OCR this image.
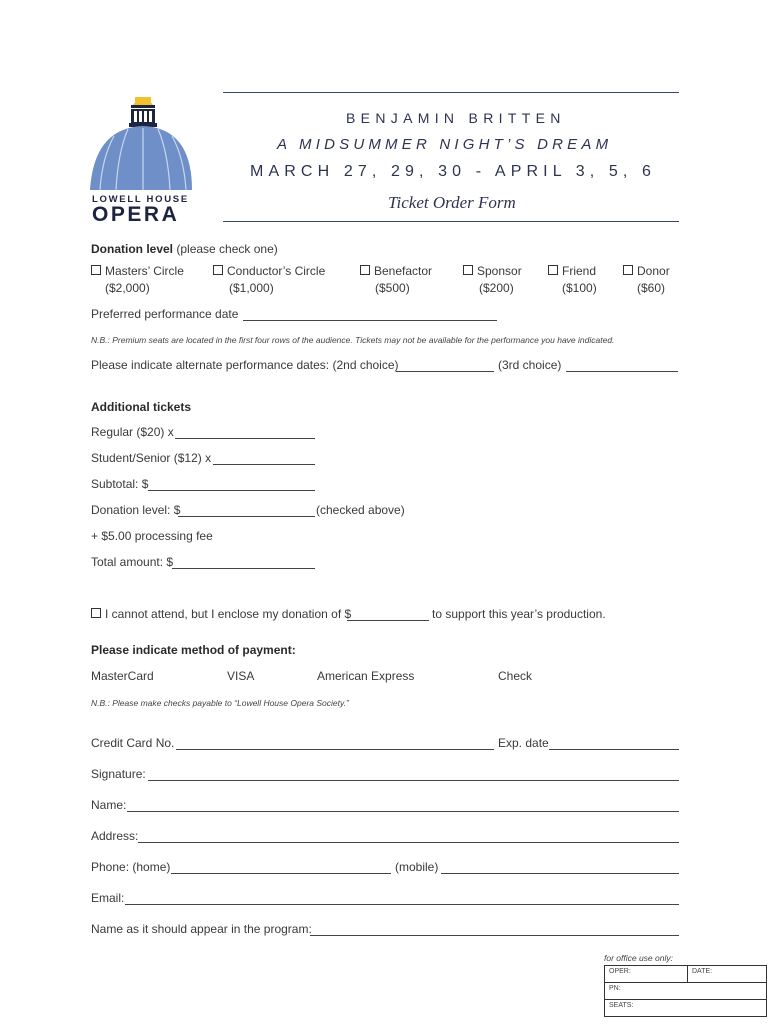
LOWELL HOUSE
OPERA
BENJAMIN BRITTEN
A MIDSUMMER NIGHT’S DREAM
MARCH 27, 29, 30 - APRIL 3, 5, 6
Ticket Order Form
Donation level (please check one)
Masters’ Circle
($2,000)
Conductor’s Circle
($1,000)
Benefactor
($500)
Sponsor
($200)
Friend
($100)
Donor
($60)
Preferred performance date
N.B.: Premium seats are located in the first four rows of the audience. Tickets may not be available for the performance you have indicated.
Please indicate alternate performance dates: (2nd choice)	(3rd choice)
Additional tickets
Regular ($20) x
Student/Senior ($12) x
Subtotal: $
Donation level: $	(checked above)
+ $5.00 processing fee
Total amount: $
I cannot attend, but I enclose my donation of $	to support this year’s production.
Please indicate method of payment:
MasterCard	VISA	American Express	Check
N.B.: Please make checks payable to “Lowell House Opera Society.”
Credit Card No.	Exp. date
Signature:
Name:
Address:
Phone: (home)	(mobile)
Email:
Name as it should appear in the program:
for office use only:
OPER:	DATE:
PN:
SEATS:
